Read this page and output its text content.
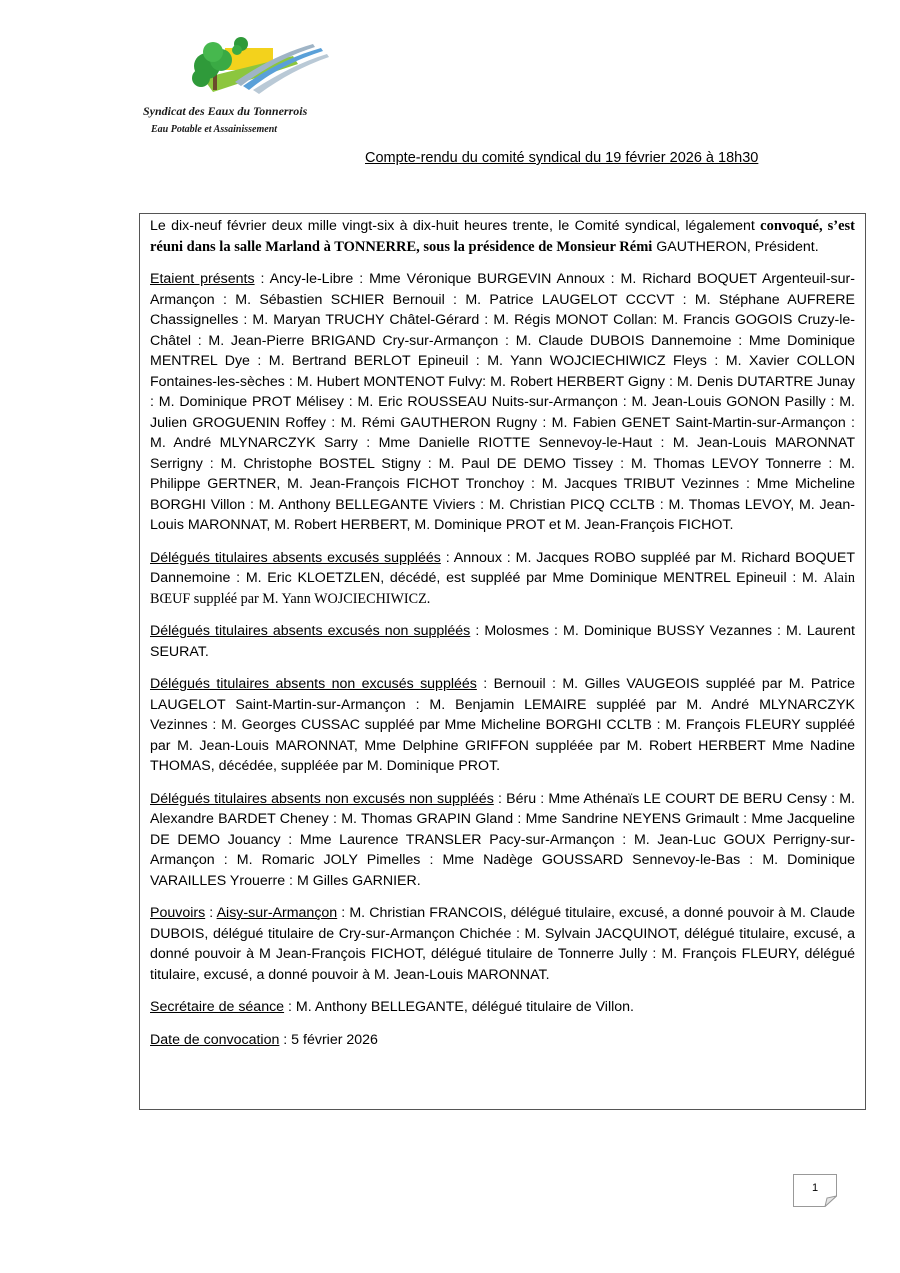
Syndicat des Eaux du Tonnerrois
Eau Potable et Assainissement
Compte-rendu du comité syndical du 19 février 2026 à 18h30

Le dix-neuf février deux mille vingt-six à dix-huit heures trente, le Comité syndical, légalement convoqué, s’est réuni dans la salle Marland à TONNERRE, sous la présidence de Monsieur Rémi GAUTHERON, Président.

Etaient présents : Ancy-le-Libre : Mme Véronique BURGEVIN Annoux : M. Richard BOQUET Argenteuil-sur-Armançon : M. Sébastien SCHIER Bernouil : M. Patrice LAUGELOT CCCVT : M. Stéphane AUFRERE Chassignelles : M. Maryan TRUCHY Châtel-Gérard : M. Régis MONOT Collan: M. Francis GOGOIS Cruzy-le-Châtel : M. Jean-Pierre BRIGAND Cry-sur-Armançon : M. Claude DUBOIS Dannemoine : Mme Dominique MENTREL Dye : M. Bertrand BERLOT Epineuil : M. Yann WOJCIECHIWICZ Fleys : M. Xavier COLLON Fontaines-les-sèches : M. Hubert MONTENOT Fulvy: M. Robert HERBERT Gigny : M. Denis DUTARTRE Junay : M. Dominique PROT Mélisey : M. Eric ROUSSEAU Nuits-sur-Armançon : M. Jean-Louis GONON Pasilly : M. Julien GROGUENIN Roffey : M. Rémi GAUTHERON Rugny : M. Fabien GENET Saint-Martin-sur-Armançon : M. André MLYNARCZYK Sarry : Mme Danielle RIOTTE Sennevoy-le-Haut : M. Jean-Louis MARONNAT Serrigny : M. Christophe BOSTEL Stigny : M. Paul DE DEMO Tissey : M. Thomas LEVOY Tonnerre : M. Philippe GERTNER, M. Jean-François FICHOT Tronchoy : M. Jacques TRIBUT Vezinnes : Mme Micheline BORGHI Villon : M. Anthony BELLEGANTE Viviers : M. Christian PICQ CCLTB : M. Thomas LEVOY, M. Jean-Louis MARONNAT, M. Robert HERBERT, M. Dominique PROT et M. Jean-François FICHOT.

Délégués titulaires absents excusés suppléés : Annoux : M. Jacques ROBO suppléé par M. Richard BOQUET Dannemoine : M. Eric KLOETZLEN, décédé, est suppléé par Mme Dominique MENTREL Epineuil : M. Alain BŒUF suppléé par M. Yann WOJCIECHIWICZ.

Délégués titulaires absents excusés non suppléés : Molosmes : M. Dominique BUSSY Vezannes : M. Laurent SEURAT.

Délégués titulaires absents non excusés suppléés : Bernouil : M. Gilles VAUGEOIS suppléé par M. Patrice LAUGELOT Saint-Martin-sur-Armançon : M. Benjamin LEMAIRE suppléé par M. André MLYNARCZYK Vezinnes : M. Georges CUSSAC suppléé par Mme Micheline BORGHI CCLTB : M. François FLEURY suppléé par M. Jean-Louis MARONNAT, Mme Delphine GRIFFON suppléée par M. Robert HERBERT Mme Nadine THOMAS, décédée, suppléée par M. Dominique PROT.

Délégués titulaires absents non excusés non suppléés : Béru : Mme Athénaïs LE COURT DE BERU Censy : M. Alexandre BARDET Cheney : M. Thomas GRAPIN Gland : Mme Sandrine NEYENS Grimault : Mme Jacqueline DE DEMO Jouancy : Mme Laurence TRANSLER Pacy-sur-Armançon : M. Jean-Luc GOUX Perrigny-sur-Armançon : M. Romaric JOLY Pimelles : Mme Nadège GOUSSARD Sennevoy-le-Bas : M. Dominique VARAILLES Yrouerre : M Gilles GARNIER.

Pouvoirs : Aisy-sur-Armançon : M. Christian FRANCOIS, délégué titulaire, excusé, a donné pouvoir à M. Claude DUBOIS, délégué titulaire de Cry-sur-Armançon Chichée : M. Sylvain JACQUINOT, délégué titulaire, excusé, a donné pouvoir à M Jean-François FICHOT, délégué titulaire de Tonnerre Jully : M. François FLEURY, délégué titulaire, excusé, a donné pouvoir à M. Jean-Louis MARONNAT.

Secrétaire de séance : M. Anthony BELLEGANTE, délégué titulaire de Villon.

Date de convocation : 5 février 2026

1
